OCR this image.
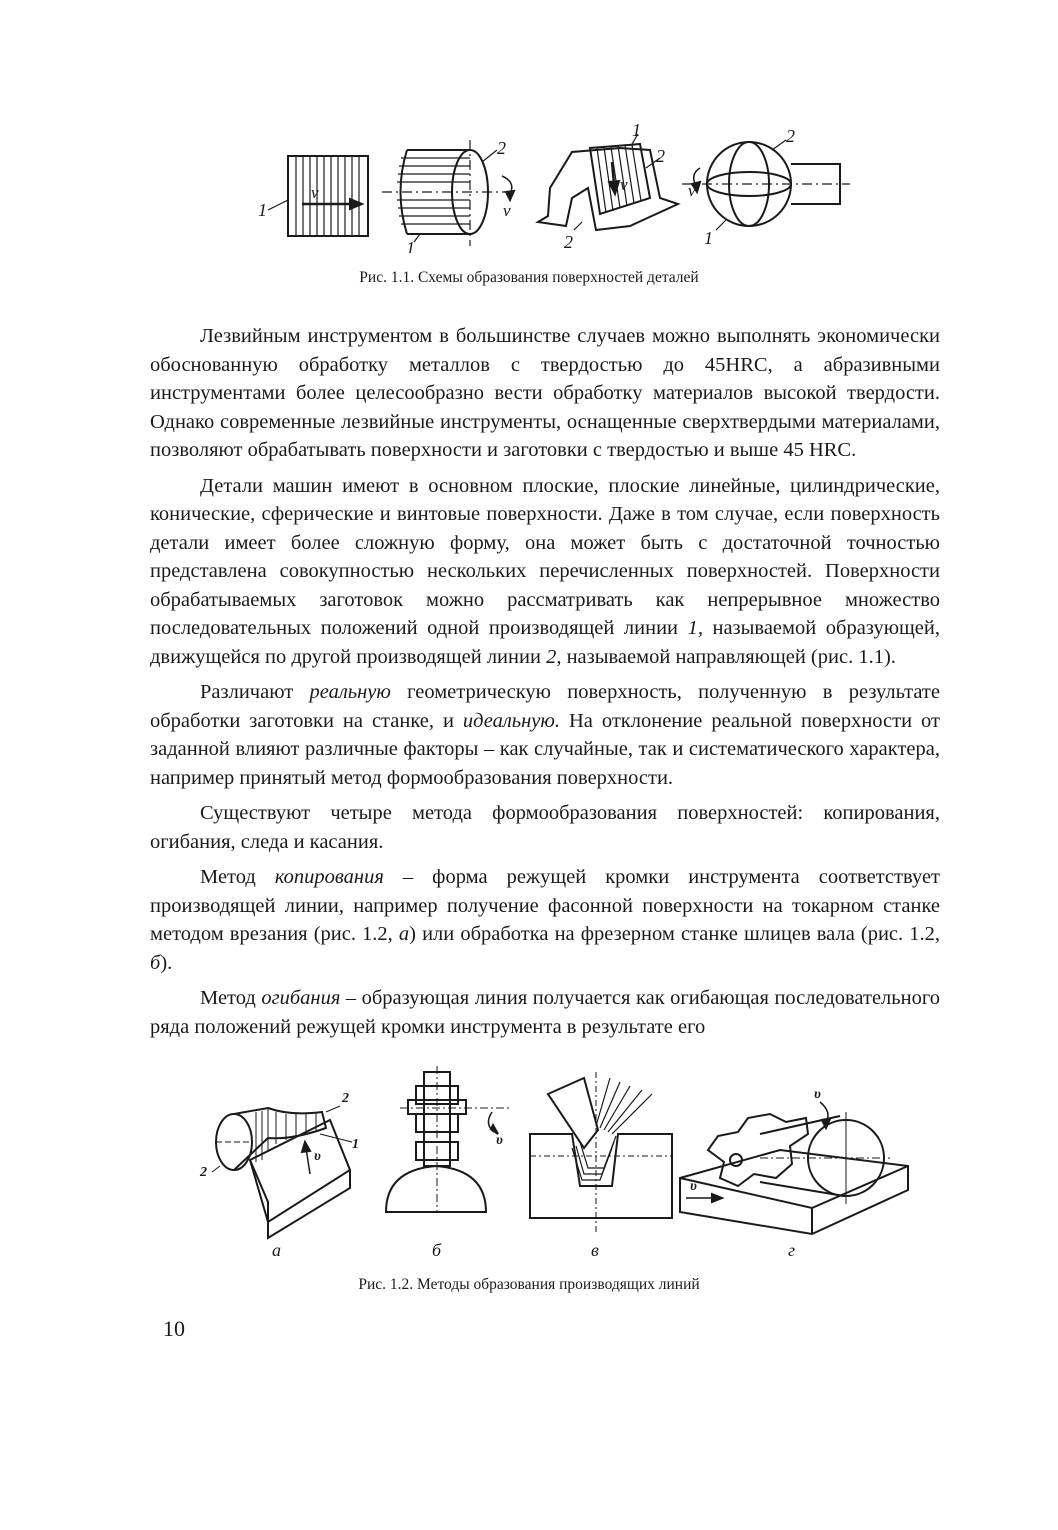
1
v
2
v
1
1
2
v
2
v
2
1
Рис. 1.1. Схемы образования поверхностей деталей

Лезвийным инструментом в большинстве случаев можно выполнять экономически обоснованную обработку металлов с твердостью до 45HRC, а абразивными инструментами более целесообразно вести обработку материалов высокой твердости. Однако современные лезвийные инструменты, оснащенные сверхтвердыми материалами, позволяют обрабатывать поверхности и заготовки с твердостью и выше 45 HRC.

Детали машин имеют в основном плоские, плоские линейные, цилиндрические, конические, сферические и винтовые поверхности. Даже в том случае, если поверхность детали имеет более сложную форму, она может быть с достаточной точностью представлена совокупностью нескольких перечисленных поверхностей. Поверхности обрабатываемых заготовок можно рассматривать как непрерывное множество последовательных положений одной производящей линии 1, называемой образующей, движущейся по другой производящей линии 2, называемой направляющей (рис. 1.1).

Различают реальную геометрическую поверхность, полученную в результате обработки заготовки на станке, и идеальную. На отклонение реальной поверхности от заданной влияют различные факторы – как случайные, так и систематического характера, например принятый метод формообразования поверхности.

Существуют четыре метода формообразования поверхностей: копирования, огибания, следа и касания.

Метод копирования – форма режущей кромки инструмента соответствует производящей линии, например получение фасонной поверхности на токарном станке методом врезания (рис. 1.2, а) или обработка на фрезерном станке шлицев вала (рис. 1.2, б).

Метод огибания – образующая линия получается как огибающая последовательного ряда положений режущей кромки инструмента в результате его

2
1
2
υ
υ
υ
υ
а	б	в	г
Рис. 1.2. Методы образования производящих линий
10
